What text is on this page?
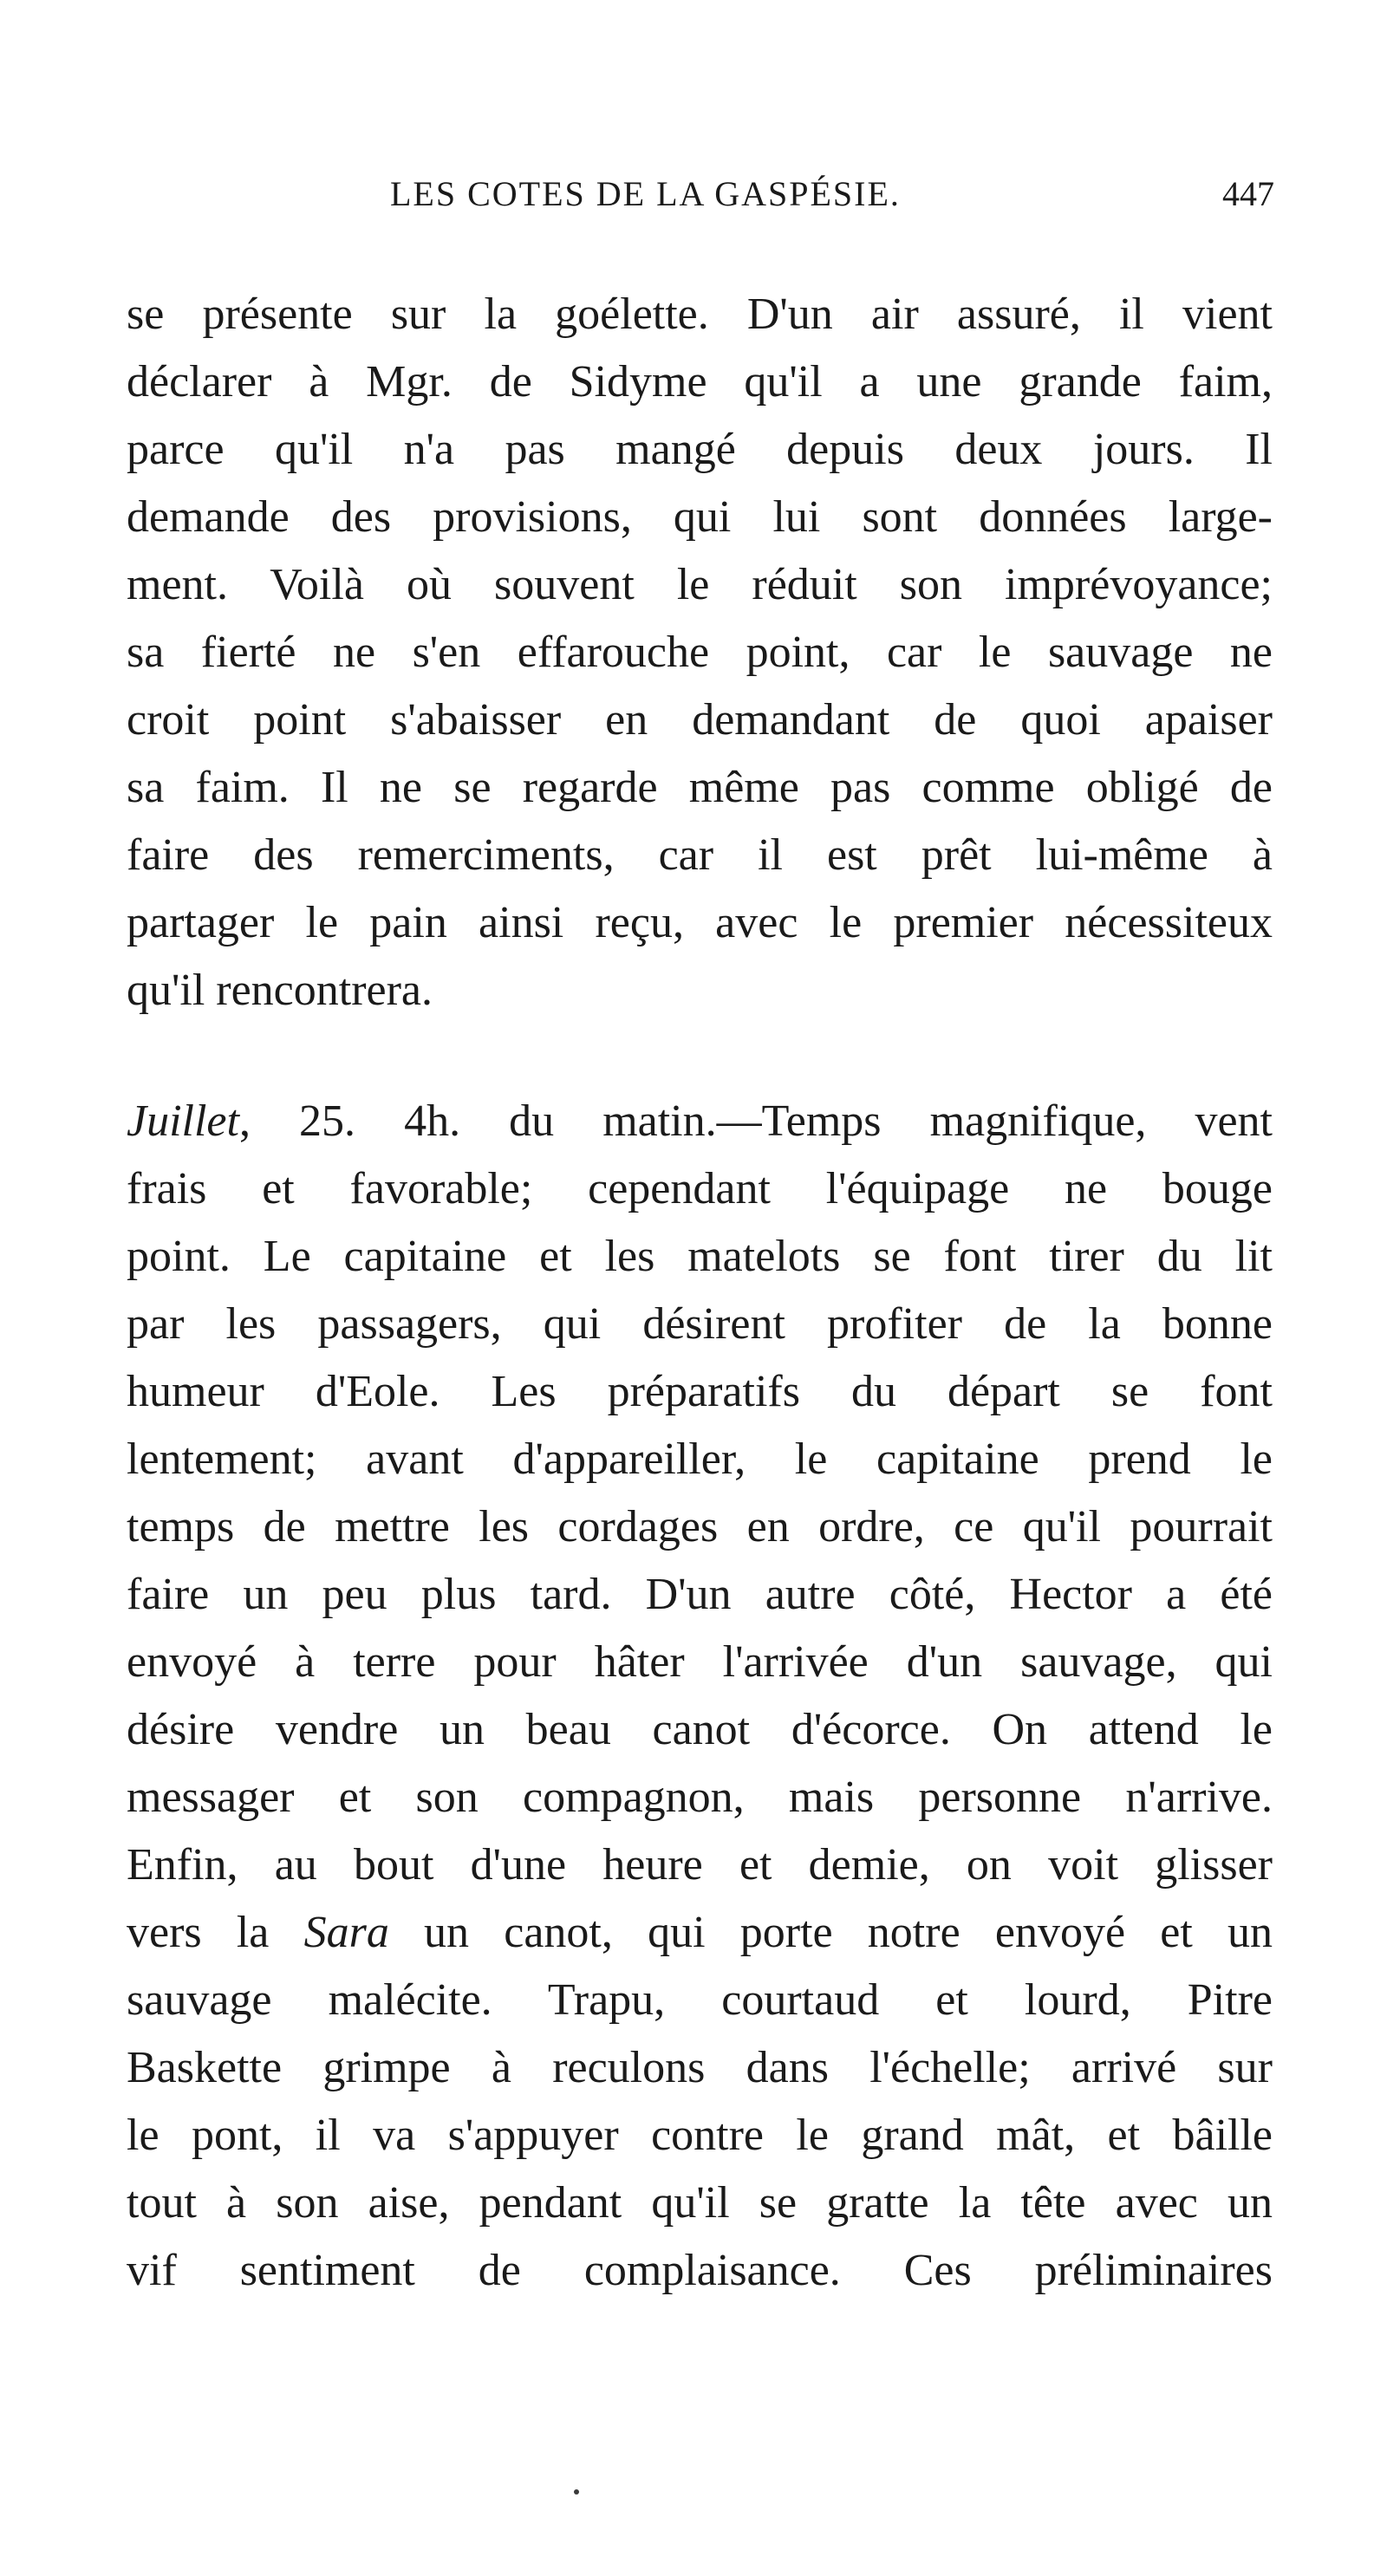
LES COTES DE LA GASPÉSIE.	447
se présente sur la goélette. D'un air assuré, il vient
déclarer à Mgr. de Sidyme qu'il a une grande faim,
parce qu'il n'a pas mangé depuis deux jours. Il
demande des provisions, qui lui sont données large-
ment. Voilà où souvent le réduit son imprévoyance;
sa fierté ne s'en effarouche point, car le sauvage ne
croit point s'abaisser en demandant de quoi apaiser
sa faim. Il ne se regarde même pas comme obligé de
faire des remerciments, car il est prêt lui-même à
partager le pain ainsi reçu, avec le premier nécessiteux
qu'il rencontrera.
Juillet, 25. 4h. du matin.—Temps magnifique, vent
frais et favorable; cependant l'équipage ne bouge
point. Le capitaine et les matelots se font tirer du lit
par les passagers, qui désirent profiter de la bonne
humeur d'Eole. Les préparatifs du départ se font
lentement; avant d'appareiller, le capitaine prend le
temps de mettre les cordages en ordre, ce qu'il pourrait
faire un peu plus tard. D'un autre côté, Hector a été
envoyé à terre pour hâter l'arrivée d'un sauvage, qui
désire vendre un beau canot d'écorce. On attend le
messager et son compagnon, mais personne n'arrive.
Enfin, au bout d'une heure et demie, on voit glisser
vers la Sara un canot, qui porte notre envoyé et un
sauvage malécite. Trapu, courtaud et lourd, Pitre
Baskette grimpe à reculons dans l'échelle; arrivé sur
le pont, il va s'appuyer contre le grand mât, et bâille
tout à son aise, pendant qu'il se gratte la tête avec un
vif sentiment de complaisance. Ces préliminaires
